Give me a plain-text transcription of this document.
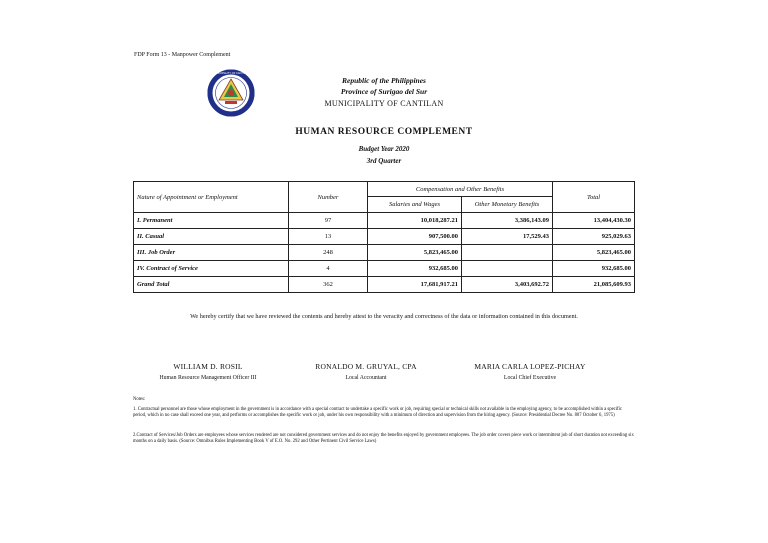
FDP Form 13 - Manpower Complement
MUNICIPALITY OF CANTILAN
Republic of the Philippines
Province of Surigao del Sur
MUNICIPALITY OF CANTILAN
HUMAN RESOURCE COMPLEMENT
Budget Year 2020
3rd Quarter
Nature of Appointment or Employment	Number	Compensation and Other Benefits		Total
		Salaries and Wages	Other Monetary Benefits	
I. Permanent	97	10,018,287.21	3,386,143.09	13,404,430.30
II. Casual	13	907,500.00	17,529.43	925,029.63
III. Job Order	248	5,823,465.00		5,823,465.00
IV. Contract of Service	4	932,685.00		932,685.00
Grand Total	362	17,681,917.21	3,403,692.72	21,085,609.93
We hereby certify that we have reviewed the contents and hereby attest to the veracity and correctness of the data or information contained in this document.
WILLIAM D. ROSIL
Human Resource Management Officer III
RONALDO M. GRUYAL, CPA
Local Accountant
MARIA CARLA LOPEZ-PICHAY
Local Chief Executive
Notes:
1. Contractual personnel are those whose employment in the government is in accordance with a special contract to undertake a specific work or job, requiring special or technical skills not available in the employing agency, to be accomplished within a specific period, which in no case shall exceed one year, and performs or accomplishes the specific work or job, under his own responsibility with a minimum of direction and supervision from the hiring agency. (Source: Presidential Decree No. 807 October 6, 1975)
2.Contract of Services/Job Orders are employees whose services rendered are not considered government services and do not enjoy the benefits enjoyed by government employees. The job order covers piece work or intermittent job of short duration not exceeding six months on a daily basis. (Source: Omnibus Rules Implementing Book V of E.O. No. 292 and Other Pertinent Civil Service Laws)
